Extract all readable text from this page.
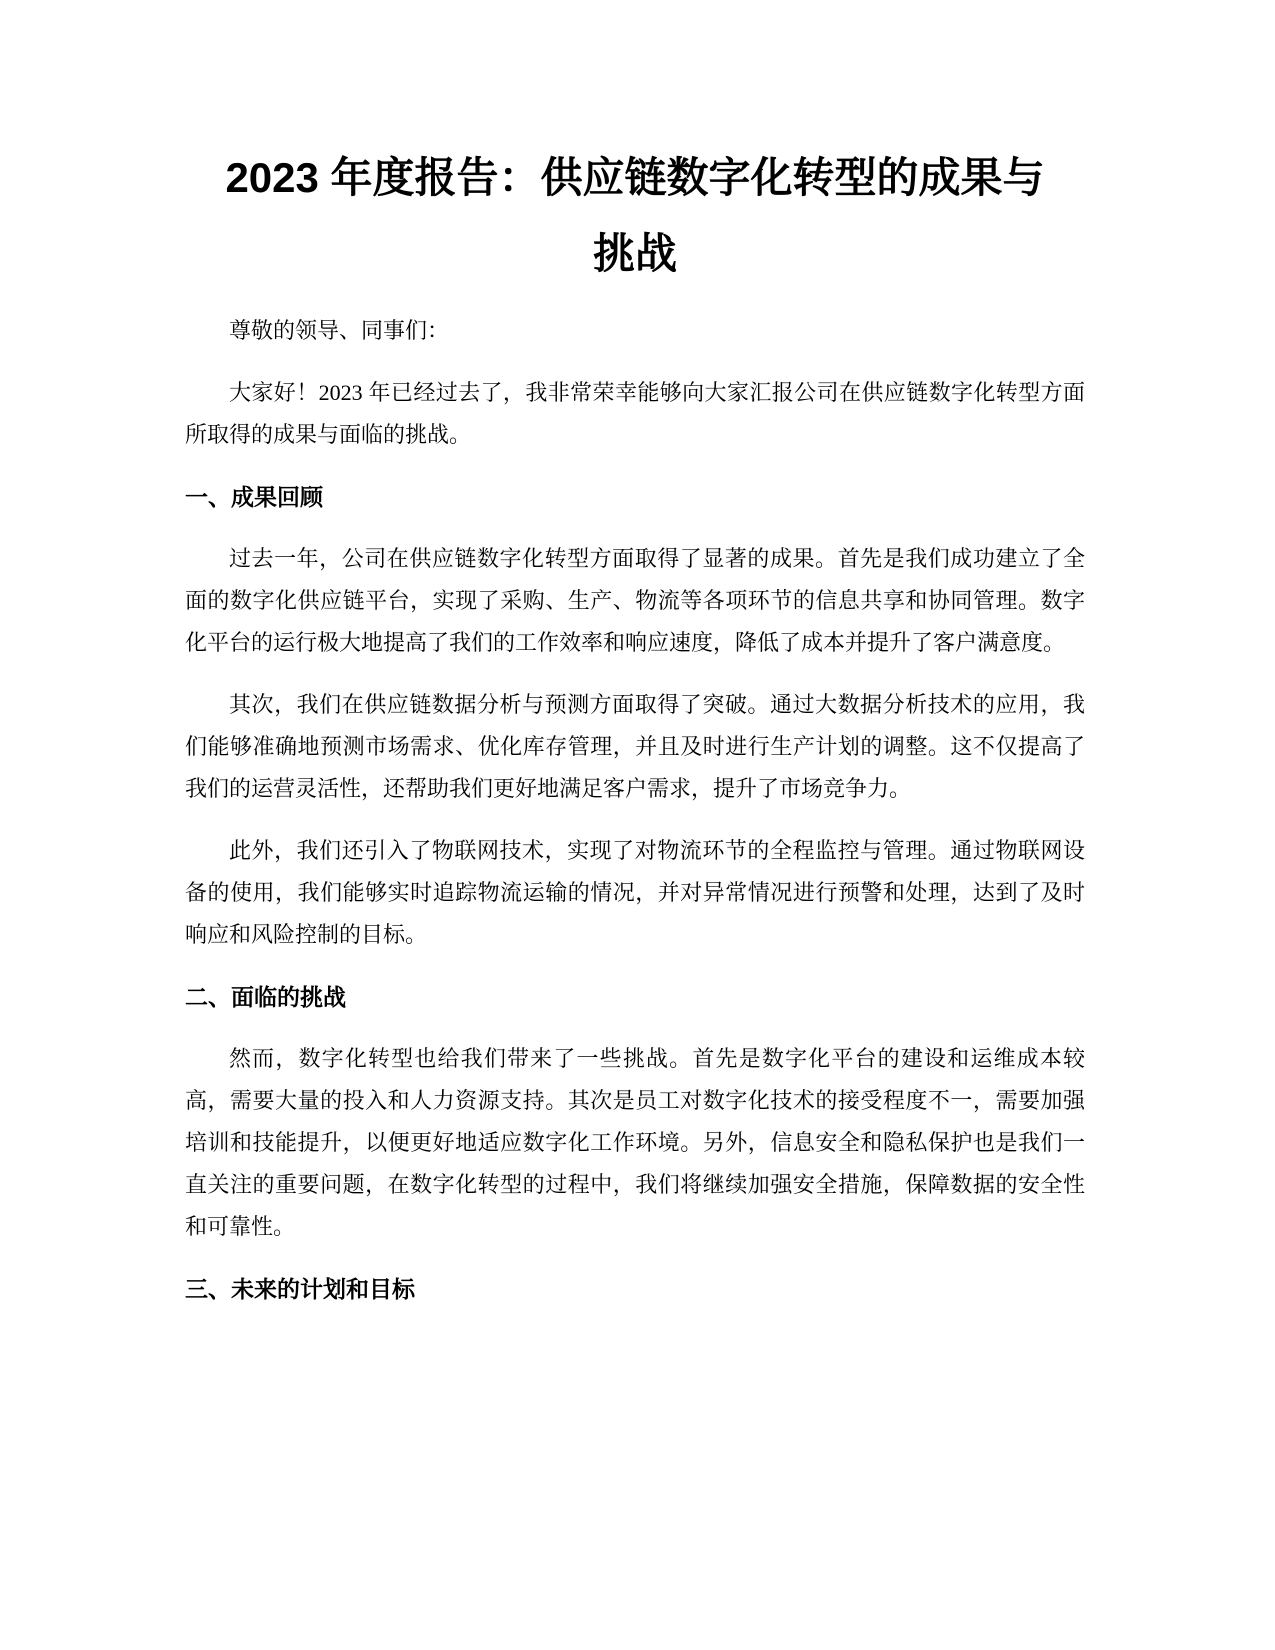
2023 年度报告：供应链数字化转型的成果与挑战

尊敬的领导、同事们：

大家好！2023 年已经过去了，我非常荣幸能够向大家汇报公司在供应链数字化转型方面所取得的成果与面临的挑战。

一、成果回顾

过去一年，公司在供应链数字化转型方面取得了显著的成果。首先是我们成功建立了全面的数字化供应链平台，实现了采购、生产、物流等各项环节的信息共享和协同管理。数字化平台的运行极大地提高了我们的工作效率和响应速度，降低了成本并提升了客户满意度。

其次，我们在供应链数据分析与预测方面取得了突破。通过大数据分析技术的应用，我们能够准确地预测市场需求、优化库存管理，并且及时进行生产计划的调整。这不仅提高了我们的运营灵活性，还帮助我们更好地满足客户需求，提升了市场竞争力。

此外，我们还引入了物联网技术，实现了对物流环节的全程监控与管理。通过物联网设备的使用，我们能够实时追踪物流运输的情况，并对异常情况进行预警和处理，达到了及时响应和风险控制的目标。

二、面临的挑战

然而，数字化转型也给我们带来了一些挑战。首先是数字化平台的建设和运维成本较高，需要大量的投入和人力资源支持。其次是员工对数字化技术的接受程度不一，需要加强培训和技能提升，以便更好地适应数字化工作环境。另外，信息安全和隐私保护也是我们一直关注的重要问题，在数字化转型的过程中，我们将继续加强安全措施，保障数据的安全性和可靠性。

三、未来的计划和目标
